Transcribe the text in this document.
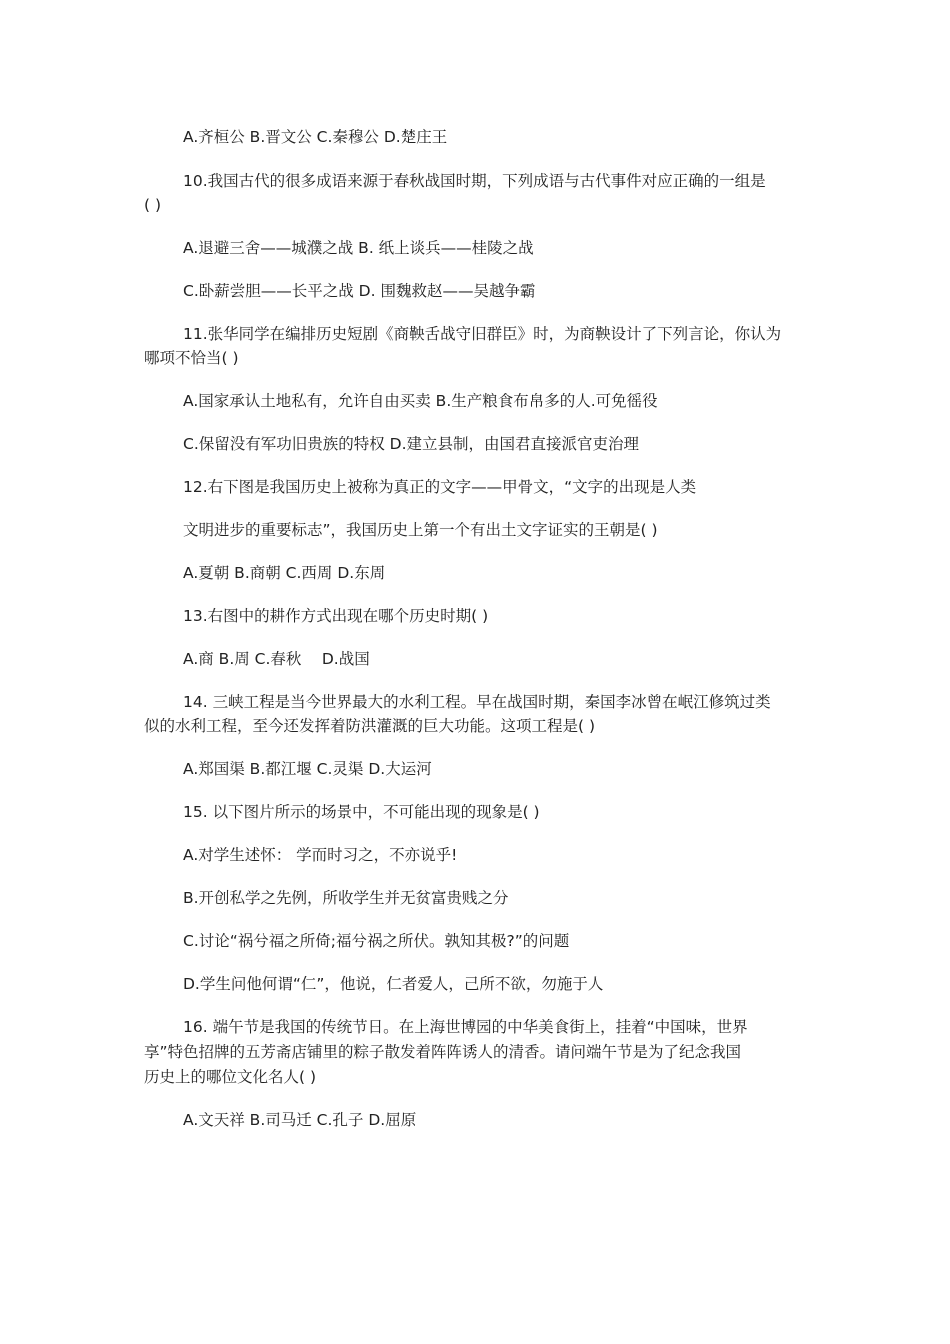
A.齐桓公 B.晋文公 C.秦穆公 D.楚庄王
10.我国古代的很多成语来源于春秋战国时期，下列成语与古代事件对应正确的一组是
( )
A.退避三舍——城濮之战 B. 纸上谈兵——桂陵之战
C.卧薪尝胆——长平之战 D. 围魏救赵——吴越争霸
11.张华同学在编排历史短剧《商鞅舌战守旧群臣》时，为商鞅设计了下列言论，你认为
哪项不恰当( )
A.国家承认土地私有，允许自由买卖 B.生产粮食布帛多的人.可免徭役
C.保留没有军功旧贵族的特权 D.建立县制，由国君直接派官吏治理
12.右下图是我国历史上被称为真正的文字——甲骨文，“文字的出现是人类
文明进步的重要标志”，我国历史上第一个有出土文字证实的王朝是( )
A.夏朝 B.商朝 C.西周 D.东周
13.右图中的耕作方式出现在哪个历史时期( )
A.商 B.周 C.春秋　 D.战国
14. 三峡工程是当今世界最大的水利工程。早在战国时期，秦国李冰曾在岷江修筑过类
似的水利工程，至今还发挥着防洪灌溉的巨大功能。这项工程是( )
A.郑国渠 B.都江堰 C.灵渠 D.大运河
15. 以下图片所示的场景中，不可能出现的现象是( )
A.对学生述怀： 学而时习之，不亦说乎!
B.开创私学之先例，所收学生并无贫富贵贱之分
C.讨论“祸兮福之所倚;福兮祸之所伏。孰知其极?”的问题
D.学生问他何谓“仁”，他说，仁者爱人，己所不欲，勿施于人
16. 端午节是我国的传统节日。在上海世博园的中华美食街上，挂着“中国味，世界
享”特色招牌的五芳斋店铺里的粽子散发着阵阵诱人的清香。请问端午节是为了纪念我国
历史上的哪位文化名人( )
A.文天祥 B.司马迁 C.孔子 D.屈原
